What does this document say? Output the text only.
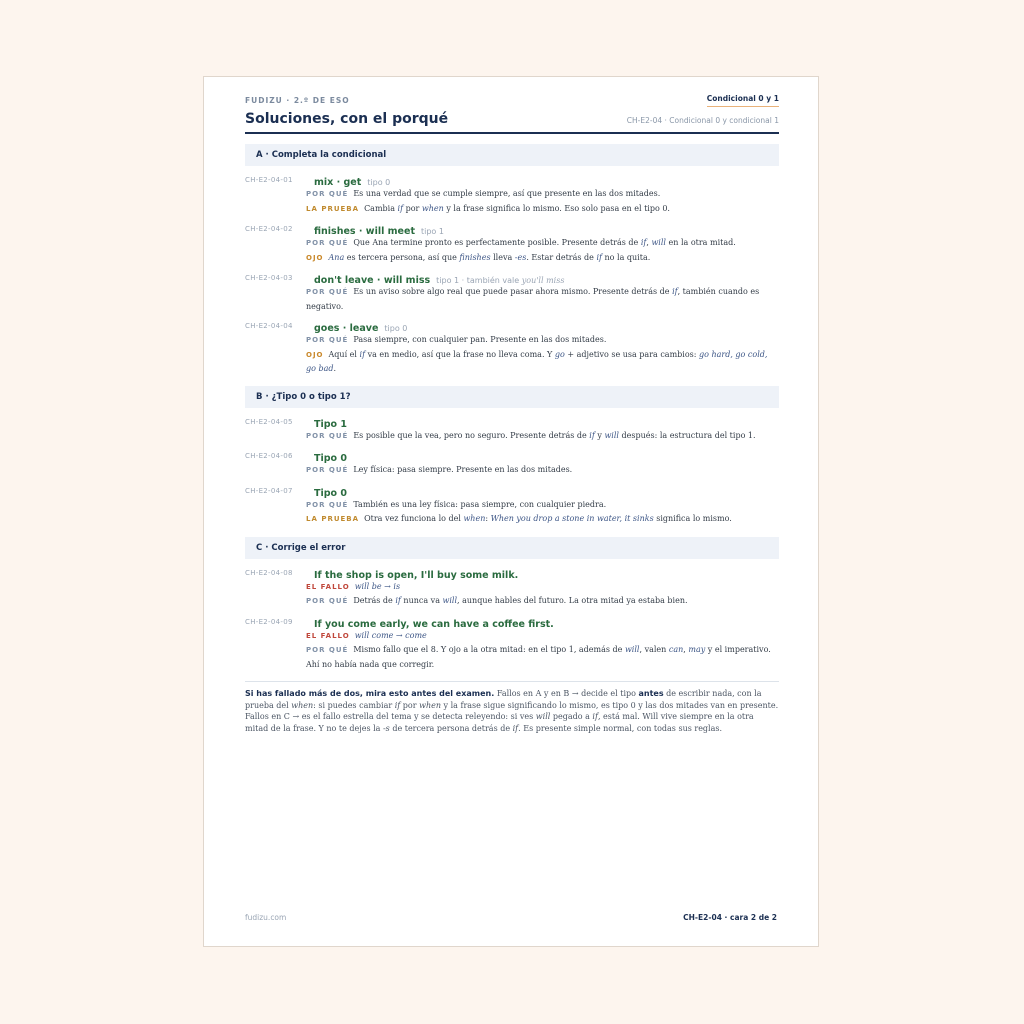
FUDIZU · 2.º DE ESO	Condicional 0 y 1
Soluciones, con el porqué	CH-E2-04 · Condicional 0 y condicional 1
A · Completa la condicional
CH-E2-04-01	mix · get tipo 0
POR QUÉ Es una verdad que se cumple siempre, así que presente en las dos mitades.
LA PRUEBA Cambia if por when y la frase significa lo mismo. Eso solo pasa en el tipo 0.
CH-E2-04-02	finishes · will meet tipo 1
POR QUÉ Que Ana termine pronto es perfectamente posible. Presente detrás de if, will en la otra mitad.
OJO Ana es tercera persona, así que finishes lleva -es. Estar detrás de if no la quita.
CH-E2-04-03	don't leave · will miss tipo 1 · también vale you'll miss
POR QUÉ Es un aviso sobre algo real que puede pasar ahora mismo. Presente detrás de if, también cuando es negativo.
CH-E2-04-04	goes · leave tipo 0
POR QUÉ Pasa siempre, con cualquier pan. Presente en las dos mitades.
OJO Aquí el if va en medio, así que la frase no lleva coma. Y go + adjetivo se usa para cambios: go hard, go cold, go bad.
B · ¿Tipo 0 o tipo 1?
CH-E2-04-05	Tipo 1
POR QUÉ Es posible que la vea, pero no seguro. Presente detrás de if y will después: la estructura del tipo 1.
CH-E2-04-06	Tipo 0
POR QUÉ Ley física: pasa siempre. Presente en las dos mitades.
CH-E2-04-07	Tipo 0
POR QUÉ También es una ley física: pasa siempre, con cualquier piedra.
LA PRUEBA Otra vez funciona lo del when: When you drop a stone in water, it sinks significa lo mismo.
C · Corrige el error
CH-E2-04-08	If the shop is open, I'll buy some milk.
EL FALLO will be → is
POR QUÉ Detrás de if nunca va will, aunque hables del futuro. La otra mitad ya estaba bien.
CH-E2-04-09	If you come early, we can have a coffee first.
EL FALLO will come → come
POR QUÉ Mismo fallo que el 8. Y ojo a la otra mitad: en el tipo 1, además de will, valen can, may y el imperativo. Ahí no había nada que corregir.
Si has fallado más de dos, mira esto antes del examen. Fallos en A y en B → decide el tipo antes de escribir nada, con la prueba del when: si puedes cambiar if por when y la frase sigue significando lo mismo, es tipo 0 y las dos mitades van en presente. Fallos en C → es el fallo estrella del tema y se detecta releyendo: si ves will pegado a if, está mal. Will vive siempre en la otra mitad de la frase. Y no te dejes la -s de tercera persona detrás de if. Es presente simple normal, con todas sus reglas.
fudizu.com	CH-E2-04 · cara 2 de 2
